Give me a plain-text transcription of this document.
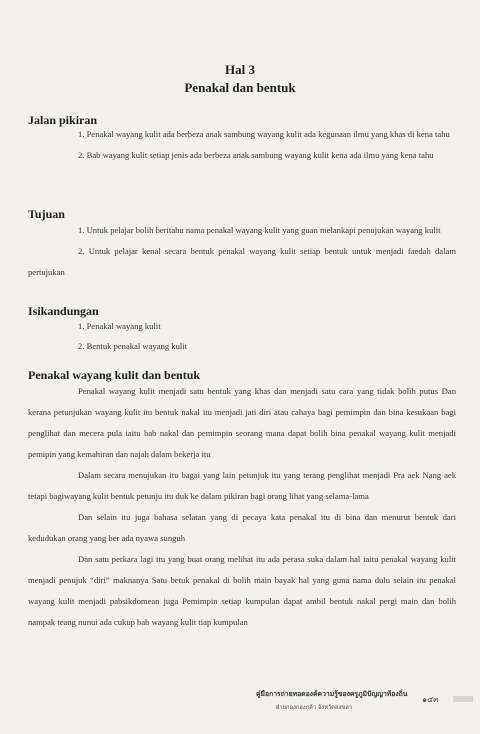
Hal 3
Penakal dan bentuk
Jalan pikiran

1. Penakal wayang kulit ada berbeza anak sambung wayang kulit ada kegunaan ilmu yang khas di kena tahu

2. Bab wayang kulit setiap jenis ada berbeza anak sambung wayang kulit kena ada ilmu yang kena tahu

Tujuan

1. Untuk pelajar bolih beritahu nama penakal wayang kulit yang guan melankapi penujukan wayang kulit

2. Untuk pelajar kenal secara bentuk penakal wayang kulit setiap bentuk untuk menjadi faedah dalam pertujukan

Isikandungan
1. Penakal wayang kulit
2. Bentuk penakal wayang kulit
Penakal wayang kulit dan bentuk

Penakal wayang kulit menjadi satu bentuk yang khas dan menjadi satu cara yang tidak bolih putus Dan kerana petunjukan wayang kulit itu bentuk nakal itu menjadi jati diri atau cahaya bagi pemimpin dan bina kesukaan bagi penglihat dan mecera pula iaitu bab nakal dan pemimpin seorang mana dapat bolih bina penakal wayang kulit menjadi pemipin yang kemahiran dan najah dalam bekerja itu

Dalam secara menujukan itu bagai yang lain petunjuk itu yang terang penglihat menjadi Pra aek Nang aek tetapi bagiwayang kulit bentuk petunju itu duk ke dalam pikiran bagi orang lihat yang selama-lama

Dan selain itu juga bahasa selatan yang di pecaya kata penakal itu di bina dan menurut bentuk dari kedudukan orang yang ber ada nyawa sunguh

Dan satu perkara lagi itu yang buat orang melihat itu ada perasa suka dalam hal iaitu penakal wayang kulit menjadi penujuk “diri” maknanya Satu betuk penakal di bolih main bayak hal yang guna nama dulu selain itu penakal wayang kulit menjadi pabsikdomean juga Pemimpin setiap kumpulan dapat ambil bentuk nakal pergi main dan bolih nampak teang nunui ada cukup bab wayang kulit tiap kumpulan

คู่มือการถ่ายทอดองค์ความรู้ของครูภูมิปัญญาท้องถิ่น
ฝ่ายกองกองกล้า จังหวัดสงขลา
๑๔๓
